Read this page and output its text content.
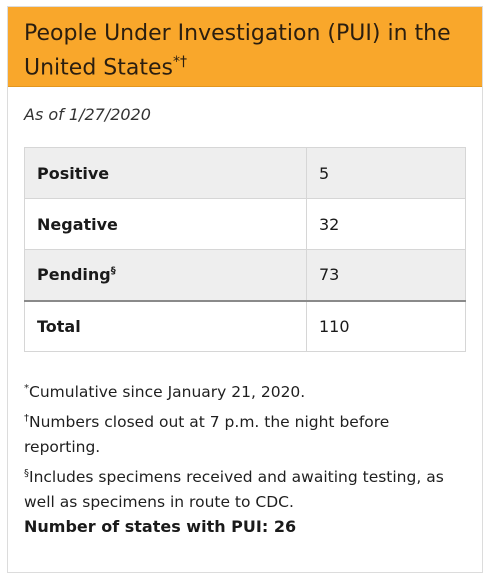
People Under Investigation (PUI) in the United States*†
As of 1/27/2020
Positive	5
Negative	32
Pending§	73
Total	110

*Cumulative since January 21, 2020.

†Numbers closed out at 7 p.m. the night before reporting.

§Includes specimens received and awaiting testing, as well as specimens in route to CDC.

Number of states with PUI: 26
